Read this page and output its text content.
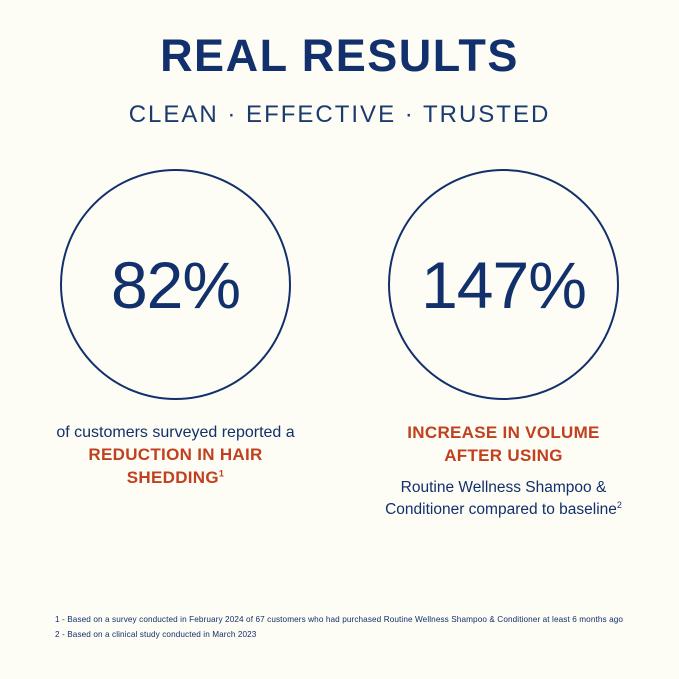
REAL RESULTS
CLEAN · EFFECTIVE · TRUSTED
82%
of customers surveyed reported a
REDUCTION IN HAIR
SHEDDING$^1$
147%
INCREASE IN VOLUME
AFTER USING
Routine Wellness Shampoo &
Conditioner compared to baseline$^2$
1 - Based on a survey conducted in February 2024 of 67 customers who had purchased Routine Wellness Shampoo & Conditioner at least 6 months ago
2 - Based on a clinical study conducted in March 2023
